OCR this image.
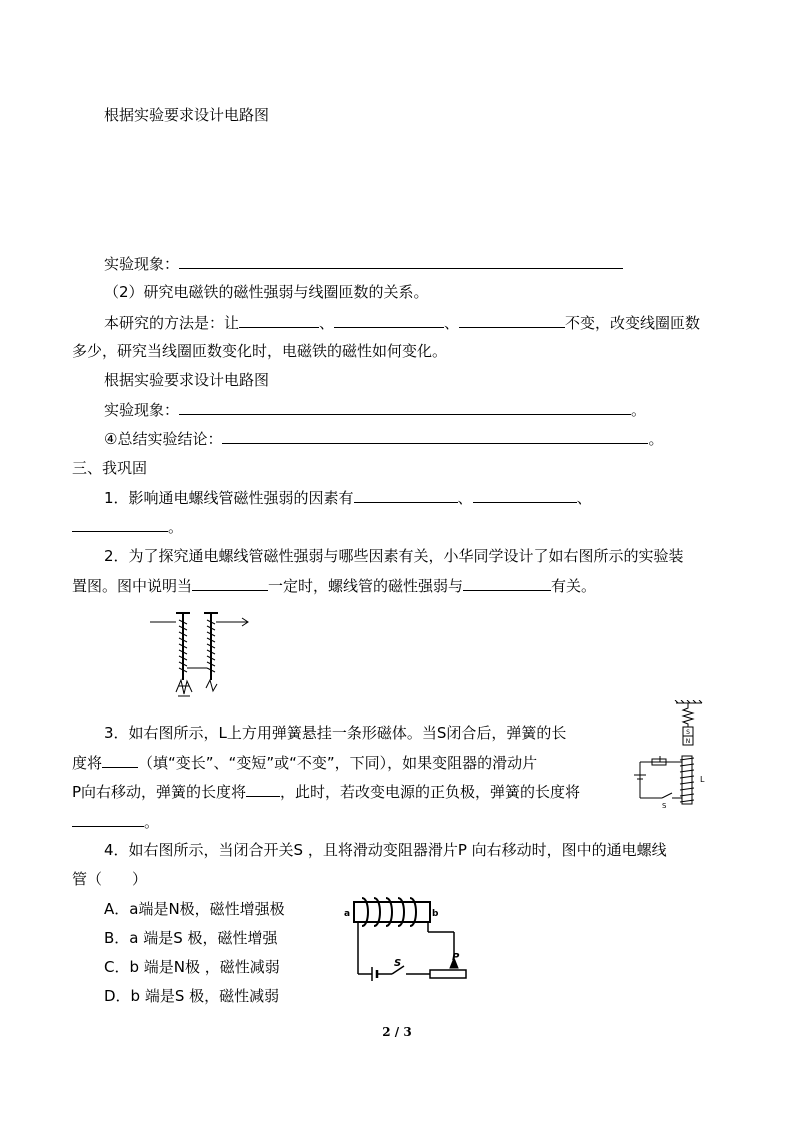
根据实验要求设计电路图
实验现象：
（2）研究电磁铁的磁性强弱与线圈匝数的关系。
本研究的方法是：让	、	、	不变，改变线圈匝数
多少，研究当线圈匝数变化时，电磁铁的磁性如何变化。
根据实验要求设计电路图
实验现象：	。
④总结实验结论：	。
三、我巩固
1．影响通电螺线管磁性强弱的因素有	、	、
。
2．为了探究通电螺线管磁性强弱与哪些因素有关，小华同学设计了如右图所示的实验装
置图。图中说明当	一定时，螺线管的磁性强弱与	有关。
3．如右图所示，L上方用弹簧悬挂一条形磁体。当S闭合后，弹簧的长
度将 （填“变长”、“变短”或“不变”，下同），如果变阻器的滑动片
P向右移动，弹簧的长度将 ，此时，若改变电源的正负极，弹簧的长度将
。
S
N
L
S
4．如右图所示，当闭合开关S ，且将滑动变阻器滑片P 向右移动时，图中的通电螺线
管（　　）
A．a端是N极，磁性增强极
B．a 端是S 极，磁性增强
C．b 端是N极 ，磁性减弱
D．b 端是S 极，磁性减弱
a	b
S
P
2 / 3
